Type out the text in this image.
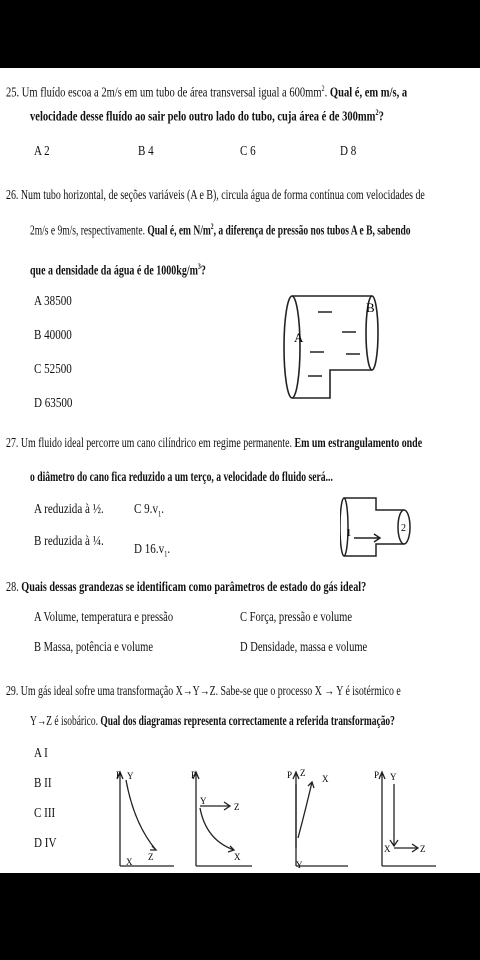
25. Um fluído escoa a 2m/s em um tubo de área transversal igual a $600mm^2$. Qual é, em m/s, a
velocidade desse fluído ao sair pelo outro lado do tubo, cuja área é de $300mm^2$?
A 2	B 4	C 6	D 8
26. Num tubo horizontal, de seções variáveis (A e B), circula água de forma contínua com velocidades de
2m/s e 9m/s, respectivamente. Qual é, em $N/m^2$, a diferença de pressão nos tubos A e B, sabendo
que a densidade da água é de $1000kg/m^3$?
A 38500
B 40000
C 52500
D 63500
B
A
27. Um fluido ideal percorre um cano cilíndrico em regime permanente. Em um estrangulamento onde
o diâmetro do cano fica reduzido a um terço, a velocidade do fluido será...
A reduzida à ½. C $9.v_1$.
B reduzida à ¼.
D $16.v_1$.
1	2
28. Quais dessas grandezas se identificam como parâmetros de estado do gás ideal?
A Volume, temperatura e pressão	C Força, pressão e volume
B Massa, potência e volume	D Densidade, massa e volume
29. Um gás ideal sofre uma transformação X→Y→Z. Sabe-se que o processo X → Y é isotérmico e
Y→Z é isobárico. Qual dos diagramas representa correctamente a referida transformação?
A I
B II
C III
D IV
P Y
X Z
P
Y
Z
X
P Z
X
Y
P Y
X	Z
